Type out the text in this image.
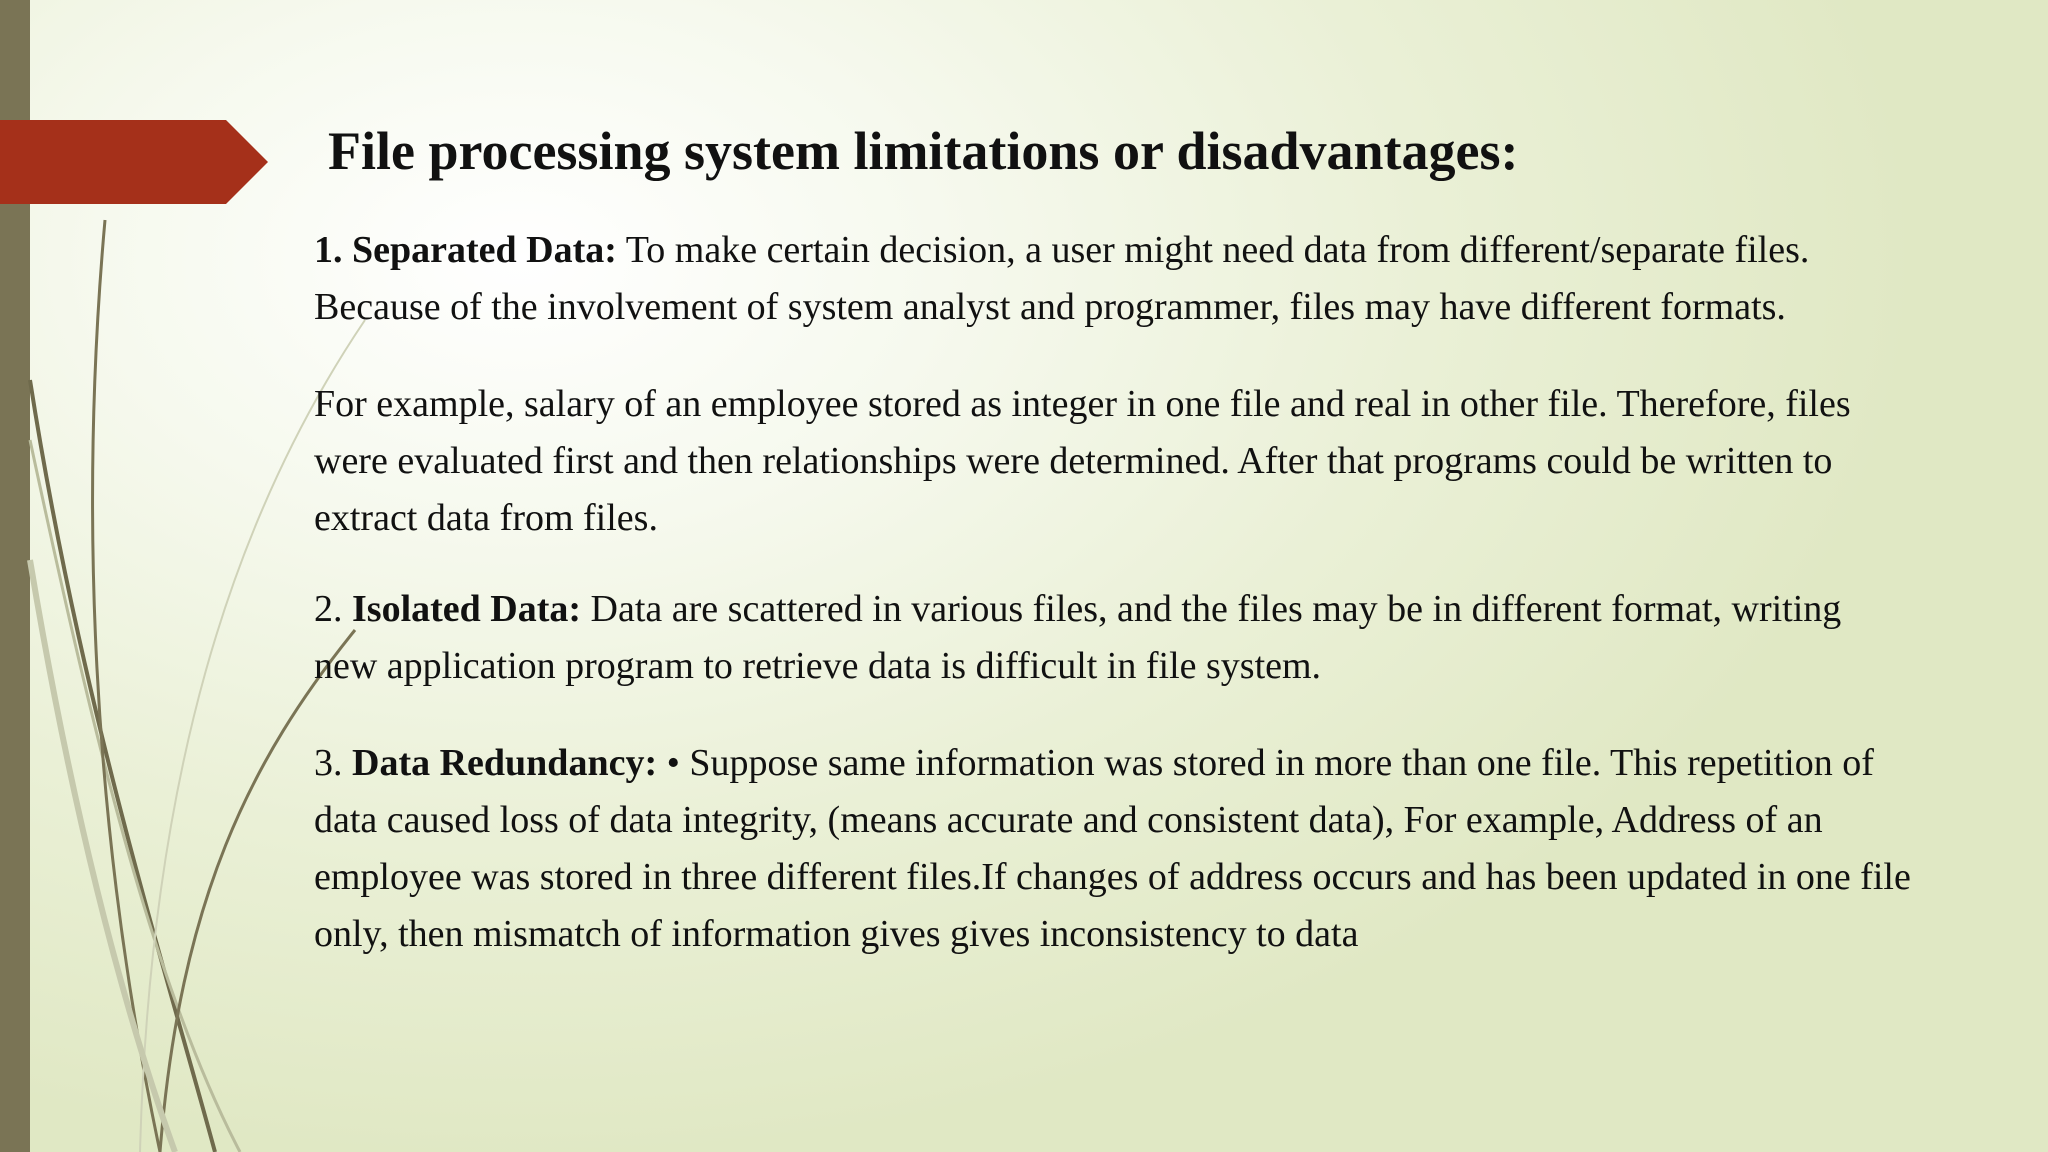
File processing system limitations or disadvantages:

1. Separated Data: To make certain decision, a user might need data from different/separate files. Because of the involvement of system analyst and programmer, files may have different formats.

For example, salary of an employee stored as integer in one file and real in other file. Therefore, files were evaluated first and then relationships were determined. After that programs could be written to extract data from files.

2. Isolated Data: Data are scattered in various files, and the files may be in different format, writing new application program to retrieve data is difficult in file system.

3. Data Redundancy: • Suppose same information was stored in more than one file. This repetition of data caused loss of data integrity, (means accurate and consistent data), For example, Address of an employee was stored in three different files.If changes of address occurs and has been updated in one file only, then mismatch of information gives gives inconsistency to data
